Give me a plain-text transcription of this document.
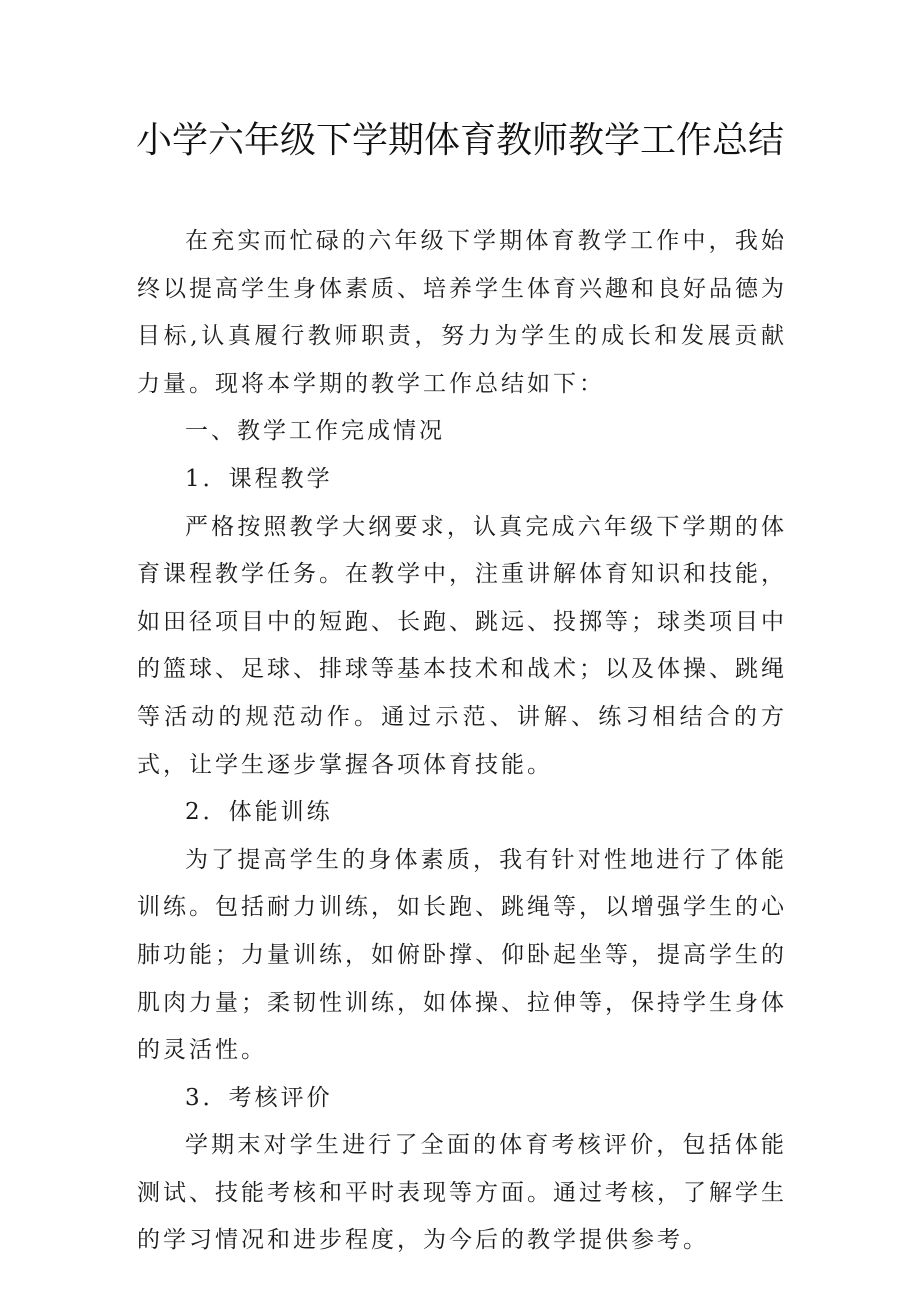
小学六年级下学期体育教师教学工作总结

在充实而忙碌的六年级下学期体育教学工作中，我始终以提高学生身体素质、培养学生体育兴趣和良好品德为目标,认真履行教师职责，努力为学生的成长和发展贡献力量。现将本学期的教学工作总结如下：

一、教学工作完成情况

1．课程教学

严格按照教学大纲要求，认真完成六年级下学期的体育课程教学任务。在教学中，注重讲解体育知识和技能，如田径项目中的短跑、长跑、跳远、投掷等；球类项目中的篮球、足球、排球等基本技术和战术；以及体操、跳绳等活动的规范动作。通过示范、讲解、练习相结合的方式，让学生逐步掌握各项体育技能。

2．体能训练

为了提高学生的身体素质，我有针对性地进行了体能训练。包括耐力训练，如长跑、跳绳等，以增强学生的心肺功能；力量训练，如俯卧撑、仰卧起坐等，提高学生的肌肉力量；柔韧性训练，如体操、拉伸等，保持学生身体的灵活性。

3．考核评价

学期末对学生进行了全面的体育考核评价，包括体能测试、技能考核和平时表现等方面。通过考核，了解学生的学习情况和进步程度，为今后的教学提供参考。
